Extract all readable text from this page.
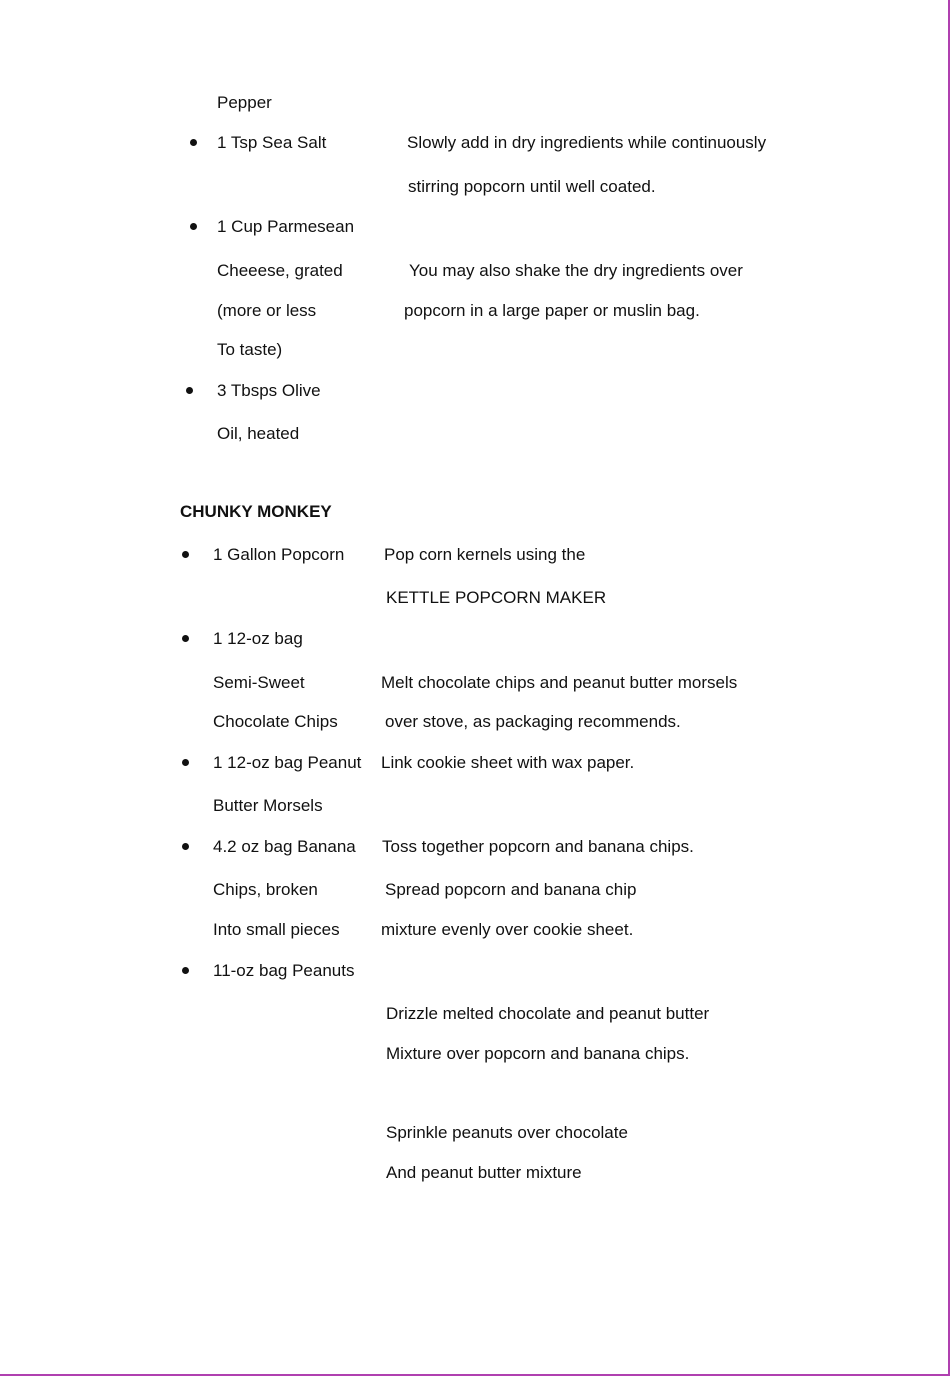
Pepper
1 Tsp Sea Salt
1 Cup Parmesean
Cheeese, grated
(more or less
To taste)
3 Tbsps Olive
Oil, heated
Slowly add in dry ingredients while continuously
stirring popcorn until well coated.
You may also shake the dry ingredients over
popcorn in a large paper or muslin bag.
CHUNKY MONKEY
1 Gallon Popcorn
1 12-oz bag
Semi-Sweet
Chocolate Chips
1 12-oz bag Peanut
Butter Morsels
4.2 oz bag Banana
Chips, broken
Into small pieces
11-oz bag Peanuts
Pop corn kernels using the
KETTLE POPCORN MAKER
Melt chocolate chips and peanut butter morsels
over stove, as packaging recommends.
Link cookie sheet with wax paper.
Toss together popcorn and banana chips.
Spread popcorn and banana chip
mixture evenly over cookie sheet.
Drizzle melted chocolate and peanut butter
Mixture over popcorn and banana chips.
Sprinkle peanuts over chocolate
And peanut butter mixture
